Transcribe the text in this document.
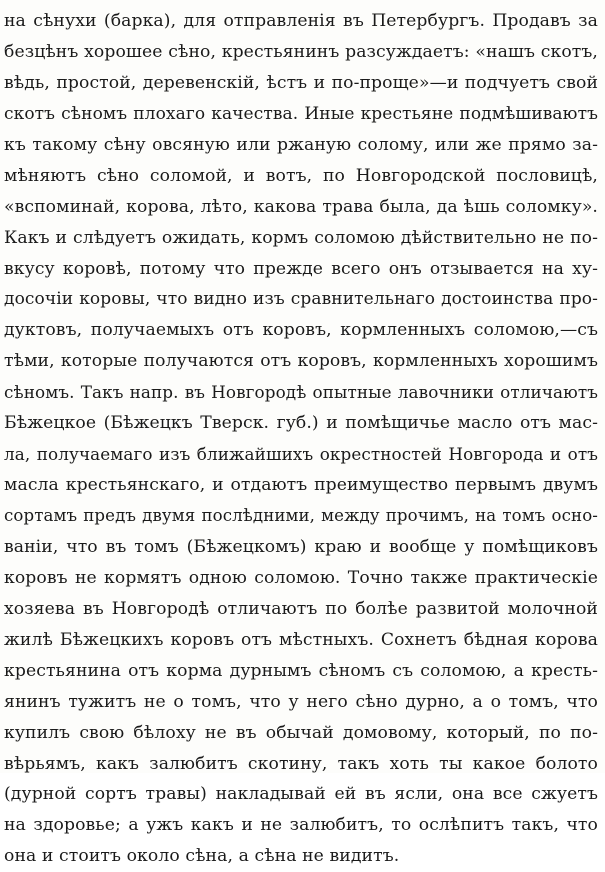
на сѣнухи (барка), для отправленія въ Петербургъ. Продавъ за
безцѣнъ хорошее сѣно, крестьянинъ разсуждаетъ: «нашъ скотъ,
вѣдь, простой, деревенскій, ѣстъ и по-проще»—и подчуетъ свой
скотъ сѣномъ плохаго качества. Иные крестьяне подмѣшиваютъ
къ такому сѣну овсяную или ржаную солому, или же прямо за-
мѣняютъ сѣно соломой, и вотъ, по Новгородской пословицѣ,
«вспоминай, корова, лѣто, какова трава была, да ѣшь соломку».
Какъ и слѣдуетъ ожидать, кормъ соломою дѣйствительно не по-
вкусу коровѣ, потому что прежде всего онъ отзывается на ху-
досочіи коровы, что видно изъ сравнительнаго достоинства про-
дуктовъ, получаемыхъ отъ коровъ, кормленныхъ соломою,—съ
тѣми, которые получаются отъ коровъ, кормленныхъ хорошимъ
сѣномъ. Такъ напр. въ Новгородѣ опытные лавочники отличаютъ
Бѣжецкое (Бѣжецкъ Тверск. губ.) и помѣщичье масло отъ мас-
ла, получаемаго изъ ближайшихъ окрестностей Новгорода и отъ
масла крестьянскаго, и отдаютъ преимущество первымъ двумъ
сортамъ предъ двумя послѣдними, между прочимъ, на томъ осно-
ваніи, что въ томъ (Бѣжецкомъ) краю и вообще у помѣщиковъ
коровъ не кормятъ одною соломою. Точно также практическіе
хозяева въ Новгородѣ отличаютъ по болѣе развитой молочной
жилѣ Бѣжецкихъ коровъ отъ мѣстныхъ. Сохнетъ бѣдная корова
крестьянина отъ корма дурнымъ сѣномъ съ соломою, а кресть-
янинъ тужитъ не о томъ, что у него сѣно дурно, а о томъ, что
купилъ свою бѣлоху не въ обычай домовому, который, по по-
вѣрьямъ, какъ залюбитъ скотину, такъ хоть ты какое болото
(дурной сортъ травы) накладывай ей въ ясли, она все сжуетъ
на здоровье; а ужъ какъ и не залюбитъ, то ослѣпитъ такъ, что
она и стоитъ около сѣна, а сѣна не видитъ.
